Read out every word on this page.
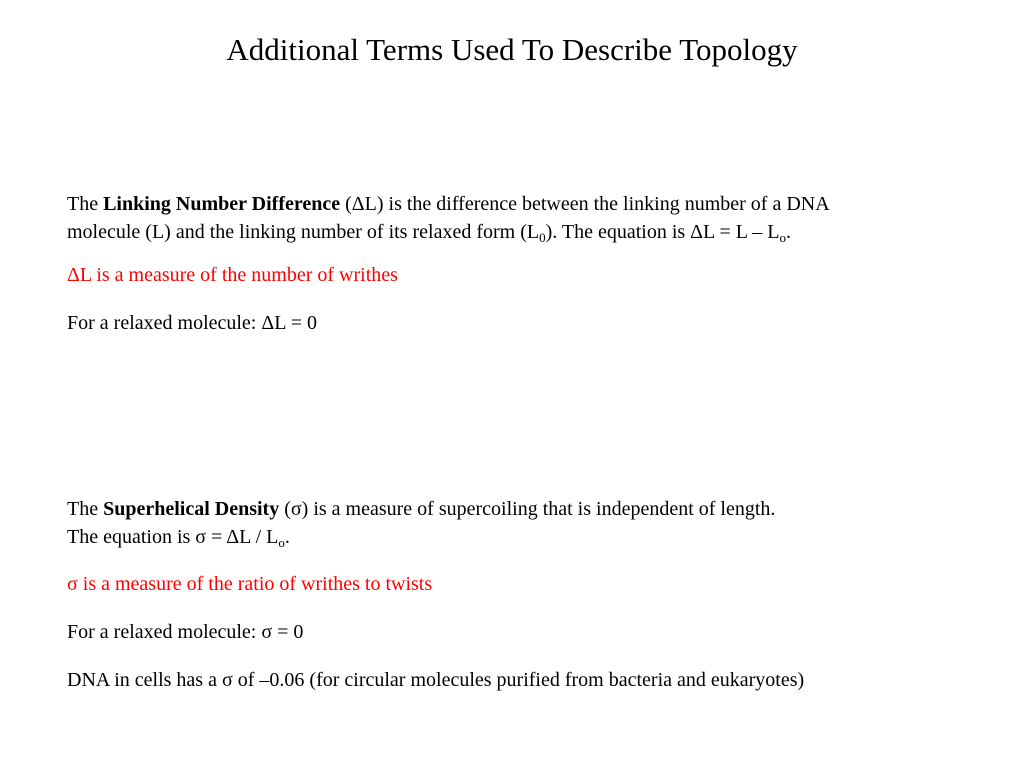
Additional Terms Used To Describe Topology
The Linking Number Difference (ΔL) is the difference between the linking number of a DNA
molecule (L) and the linking number of its relaxed form $(L_0)$. The equation is $\Delta L = L - L_o$.
ΔL is a measure of the number of writhes
For a relaxed molecule: ΔL = 0
The Superhelical Density (σ) is a measure of supercoiling that is independent of length.
The equation is $\sigma = \Delta L / L_o$.
σ is a measure of the ratio of writhes to twists
For a relaxed molecule: σ = 0
DNA in cells has a σ of –0.06 (for circular molecules purified from bacteria and eukaryotes)
